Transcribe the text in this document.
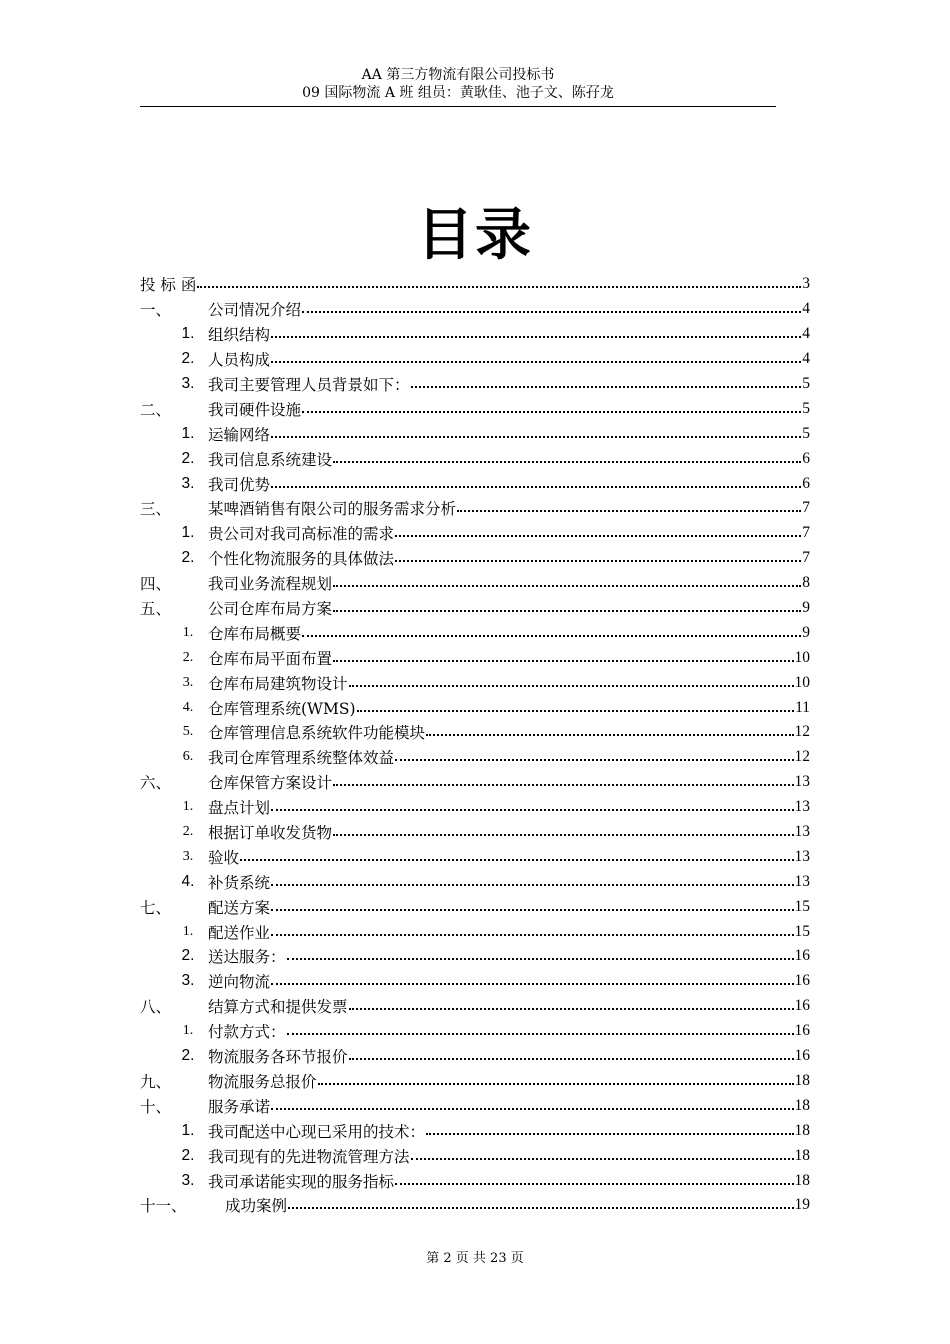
AA 第三方物流有限公司投标书
09 国际物流 A 班 组员：黄耿佳、池子文、陈孖龙
目录
投 标 函	3
一、	公司情况介绍	4
1. 组织结构	4
2. 人员构成	4
3. 我司主要管理人员背景如下：	5
二、	我司硬件设施	5
1. 运输网络	5
2. 我司信息系统建设	6
3. 我司优势	6
三、	某啤酒销售有限公司的服务需求分析	7
1. 贵公司对我司高标准的需求	7
2. 个性化物流服务的具体做法	7
四、	我司业务流程规划	8
五、	公司仓库布局方案	9
1. 仓库布局概要	9
2. 仓库布局平面布置	10
3. 仓库布局建筑物设计	10
4. 仓库管理系统(WMS)	11
5. 仓库管理信息系统软件功能模块	12
6. 我司仓库管理系统整体效益	12
六、	仓库保管方案设计	13
1. 盘点计划	13
2. 根据订单收发货物	13
3. 验收	13
4. 补货系统	13
七、	配送方案	15
1. 配送作业	15
2. 送达服务：	16
3. 逆向物流	16
八、	结算方式和提供发票	16
1. 付款方式：	16
2. 物流服务各环节报价	16
九、	物流服务总报价	18
十、	服务承诺	18
1. 我司配送中心现已采用的技术：	18
2. 我司现有的先进物流管理方法	18
3. 我司承诺能实现的服务指标	18
十一、	成功案例	19
第 2 页 共 23 页
